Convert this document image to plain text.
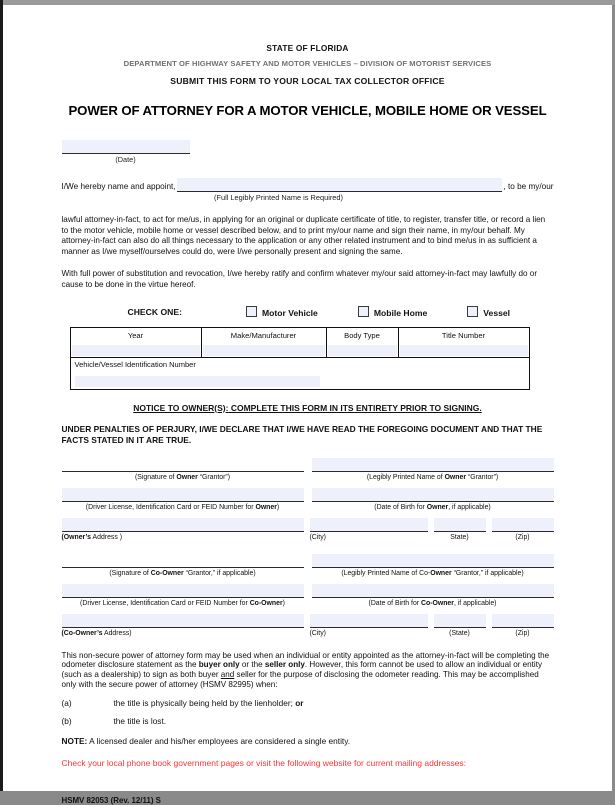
STATE OF FLORIDA
DEPARTMENT OF HIGHWAY SAFETY AND MOTOR VEHICLES – DIVISION OF MOTORIST SERVICES
SUBMIT THIS FORM TO YOUR LOCAL TAX COLLECTOR OFFICE
POWER OF ATTORNEY FOR A MOTOR VEHICLE, MOBILE HOME OR VESSEL
(Date)
I/We hereby name and appoint,	, to be my/our
(Full Legibly Printed Name is Required)

lawful attorney-in-fact, to act for me/us, in applying for an original or duplicate certificate of title, to register, transfer title, or record a lien to the motor vehicle, mobile home or vessel described below, and to print my/our name and sign their name, in my/our behalf. My attorney-in-fact can also do all things necessary to the application or any other related instrument and to bind me/us in as sufficient a manner as I/we myself/ourselves could do, were I/we personally present and signing the same.

With full power of substitution and revocation, I/we hereby ratify and confirm whatever my/our said attorney-in-fact may lawfully do or cause to be done in the virtue hereof.

CHECK ONE:	Motor Vehicle	Mobile Home	Vessel
Year	Make/Manufacturer	Body Type	Title Number
Vehicle/Vessel Identification Number
NOTICE TO OWNER(S): COMPLETE THIS FORM IN ITS ENTIRETY PRIOR TO SIGNING.
UNDER PENALTIES OF PERJURY, I/WE DECLARE THAT I/WE HAVE READ THE FOREGOING DOCUMENT AND THAT THE FACTS STATED IN IT ARE TRUE.
(Signature of Owner “Grantor”)	(Legibly Printed Name of Owner “Grantor”)
(Driver License, Identification Card or FEID Number for Owner)	(Date of Birth for Owner, if applicable)
(Owner’s Address )	(City)	State)	(Zip)
(Signature of Co-Owner “Grantor,” if applicable)	(Legibly Printed Name of Co-Owner “Grantor,” if applicable)
(Driver License, Identification Card or FEID Number for Co-Owner)	(Date of Birth for Co-Owner, if applicable)
(Co-Owner’s Address)	(City)	(State)	(Zip)
This non-secure power of attorney form may be used when an individual or entity appointed as the attorney-in-fact will be completing the odometer disclosure statement as the buyer only or the seller only. However, this form cannot be used to allow an individual or entity (such as a dealership) to sign as both buyer and seller for the purpose of disclosing the odometer reading. This may be accomplished only with the secure power of attorney (HSMV 82995) when:
(a)	the title is physically being held by the lienholder; or
(b)	the title is lost.
NOTE: A licensed dealer and his/her employees are considered a single entity.
Check your local phone book government pages or visit the following website for current mailing addresses:
HSMV 82053 (Rev. 12/11) S
